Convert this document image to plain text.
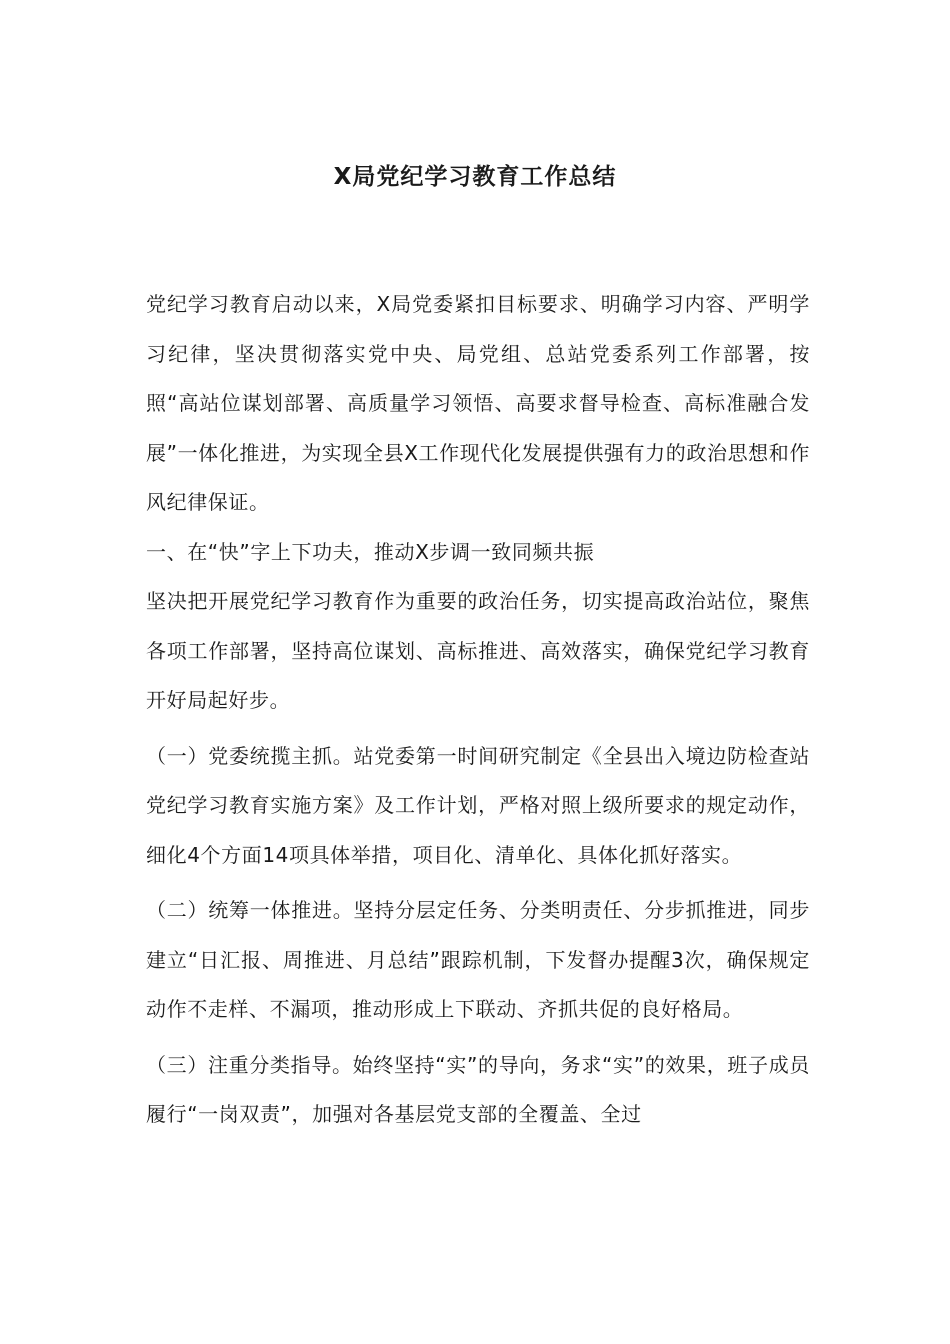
X局党纪学习教育工作总结

党纪学习教育启动以来，X局党委紧扣目标要求、明确学习内容、严明学习纪律，坚决贯彻落实党中央、局党组、总站党委系列工作部署，按照“高站位谋划部署、高质量学习领悟、高要求督导检查、高标准融合发展”一体化推进，为实现全县X工作现代化发展提供强有力的政治思想和作风纪律保证。

一、在“快”字上下功夫，推动X步调一致同频共振

坚决把开展党纪学习教育作为重要的政治任务，切实提高政治站位，聚焦各项工作部署，坚持高位谋划、高标推进、高效落实，确保党纪学习教育开好局起好步。

（一）党委统揽主抓。站党委第一时间研究制定《全县出入境边防检查站党纪学习教育实施方案》及工作计划，严格对照上级所要求的规定动作，细化4个方面14项具体举措，项目化、清单化、具体化抓好落实。

（二）统筹一体推进。坚持分层定任务、分类明责任、分步抓推进，同步建立“日汇报、周推进、月总结”跟踪机制，下发督办提醒3次，确保规定动作不走样、不漏项，推动形成上下联动、齐抓共促的良好格局。

（三）注重分类指导。始终坚持“实”的导向，务求“实”的效果，班子成员履行“一岗双责”，加强对各基层党支部的全覆盖、全过
